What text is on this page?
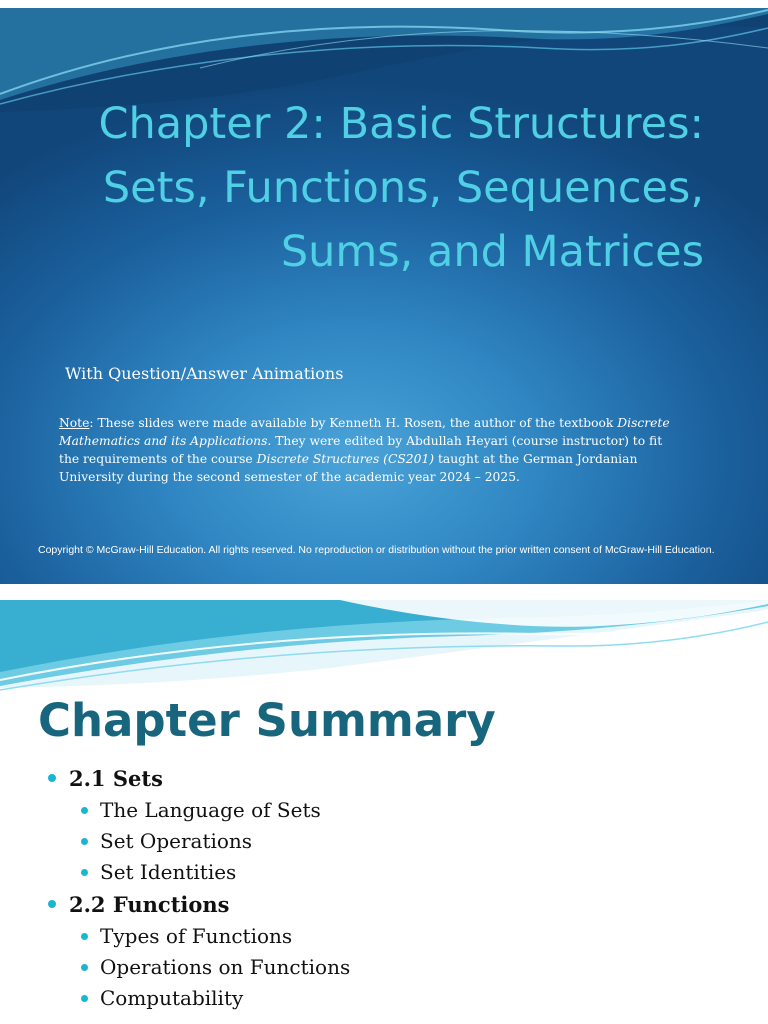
Chapter 2: Basic Structures:
Sets, Functions, Sequences,
Sums, and Matrices
With Question/Answer Animations
Note: These slides were made available by Kenneth H. Rosen, the author of the textbook Discrete Mathematics and its Applications. They were edited by Abdullah Heyari (course instructor) to fit the requirements of the course Discrete Structures (CS201) taught at the German Jordanian University during the second semester of the academic year 2024 – 2025.
Copyright © McGraw-Hill Education. All rights reserved. No reproduction or distribution without the prior written consent of McGraw-Hill Education.
Chapter Summary
2.1 Sets
The Language of Sets
Set Operations
Set Identities
2.2 Functions
Types of Functions
Operations on Functions
Computability
